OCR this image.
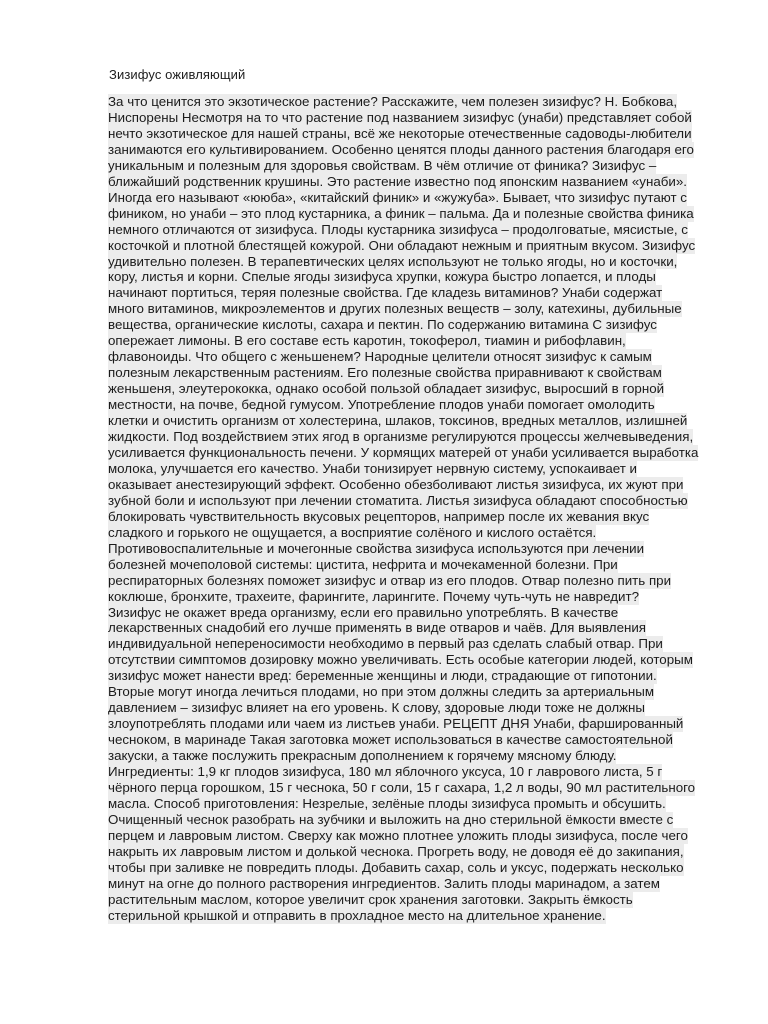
Зизифус оживляющий
За что ценится это экзотическое растение? Расскажите, чем полезен зизифус? Н. Бобкова,
Ниспорены Несмотря на то что растение под названием зизифус (унаби) представляет собой
нечто экзотическое для нашей страны, всё же некоторые отечественные садоводы-любители
занимаются его культивированием. Особенно ценятся плоды данного растения благодаря его
уникальным и полезным для здоровья свойствам. В чём отличие от финика? Зизифус –
ближайший родственник крушины. Это растение известно под японским названием «унаби».
Иногда его называют «ююба», «китайский финик» и «жужуба». Бывает, что зизифус путают с
фиником, но унаби – это плод кустарника, а финик – пальма. Да и полезные свойства финика
немного отличаются от зизифуса. Плоды кустарника зизифуса – продолговатые, мясистые, с
косточкой и плотной блестящей кожурой. Они обладают нежным и приятным вкусом. Зизифус
удивительно полезен. В терапевтических целях используют не только ягоды, но и косточки,
кору, листья и корни. Спелые ягоды зизифуса хрупки, кожура быстро лопается, и плоды
начинают портиться, теряя полезные свойства. Где кладезь витаминов? Унаби содержат
много витаминов, микроэлементов и других полезных веществ – золу, катехины, дубильные
вещества, органические кислоты, сахара и пектин. По содержанию витамина С зизифус
опережает лимоны. В его составе есть каротин, токоферол, тиамин и рибофлавин,
флавоноиды. Что общего с женьшенем? Народные целители относят зизифус к самым
полезным лекарственным растениям. Его полезные свойства приравнивают к свойствам
женьшеня, элеутерококка, однако особой пользой обладает зизифус, выросший в горной
местности, на почве, бедной гумусом. Употребление плодов унаби помогает омолодить
клетки и очистить организм от холестерина, шлаков, токсинов, вредных металлов, излишней
жидкости. Под воздействием этих ягод в организме регулируются процессы желчевыведения,
усиливается функциональность печени. У кормящих матерей от унаби усиливается выработка
молока, улучшается его качество. Унаби тонизирует нервную систему, успокаивает и
оказывает анестезирующий эффект. Особенно обезболивают листья зизифуса, их жуют при
зубной боли и используют при лечении стоматита. Листья зизифуса обладают способностью
блокировать чувствительность вкусовых рецепторов, например после их жевания вкус
сладкого и горького не ощущается, а восприятие солёного и кислого остаётся.
Противовоспалительные и мочегонные свойства зизифуса используются при лечении
болезней мочеполовой системы: цистита, нефрита и мочекаменной болезни. При
респираторных болезнях поможет зизифус и отвар из его плодов. Отвар полезно пить при
коклюше, бронхите, трахеите, фарингите, ларингите. Почему чуть-чуть не навредит?
Зизифус не окажет вреда организму, если его правильно употреблять. В качестве
лекарственных снадобий его лучше применять в виде отваров и чаёв. Для выявления
индивидуальной непереносимости необходимо в первый раз сделать слабый отвар. При
отсутствии симптомов дозировку можно увеличивать. Есть особые категории людей, которым
зизифус может нанести вред: беременные женщины и люди, страдающие от гипотонии.
Вторые могут иногда лечиться плодами, но при этом должны следить за артериальным
давлением – зизифус влияет на его уровень. К слову, здоровые люди тоже не должны
злоупотреблять плодами или чаем из листьев унаби. РЕЦЕПТ ДНЯ Унаби, фаршированный
чесноком, в маринаде Такая заготовка может использоваться в качестве самостоятельной
закуски, а также послужить прекрасным дополнением к горячему мясному блюду.
Ингредиенты: 1,9 кг плодов зизифуса, 180 мл яблочного уксуса, 10 г лаврового листа, 5 г
чёрного перца горошком, 15 г чеснока, 50 г соли, 15 г сахара, 1,2 л воды, 90 мл растительного
масла. Способ приготовления: Незрелые, зелёные плоды зизифуса промыть и обсушить.
Очищенный чеснок разобрать на зубчики и выложить на дно стерильной ёмкости вместе с
перцем и лавровым листом. Сверху как можно плотнее уложить плоды зизифуса, после чего
накрыть их лавровым листом и долькой чеснока. Прогреть воду, не доводя её до закипания,
чтобы при заливке не повредить плоды. Добавить сахар, соль и уксус, подержать несколько
минут на огне до полного растворения ингредиентов. Залить плоды маринадом, а затем
растительным маслом, которое увеличит срок хранения заготовки. Закрыть ёмкость
стерильной крышкой и отправить в прохладное место на длительное хранение.
